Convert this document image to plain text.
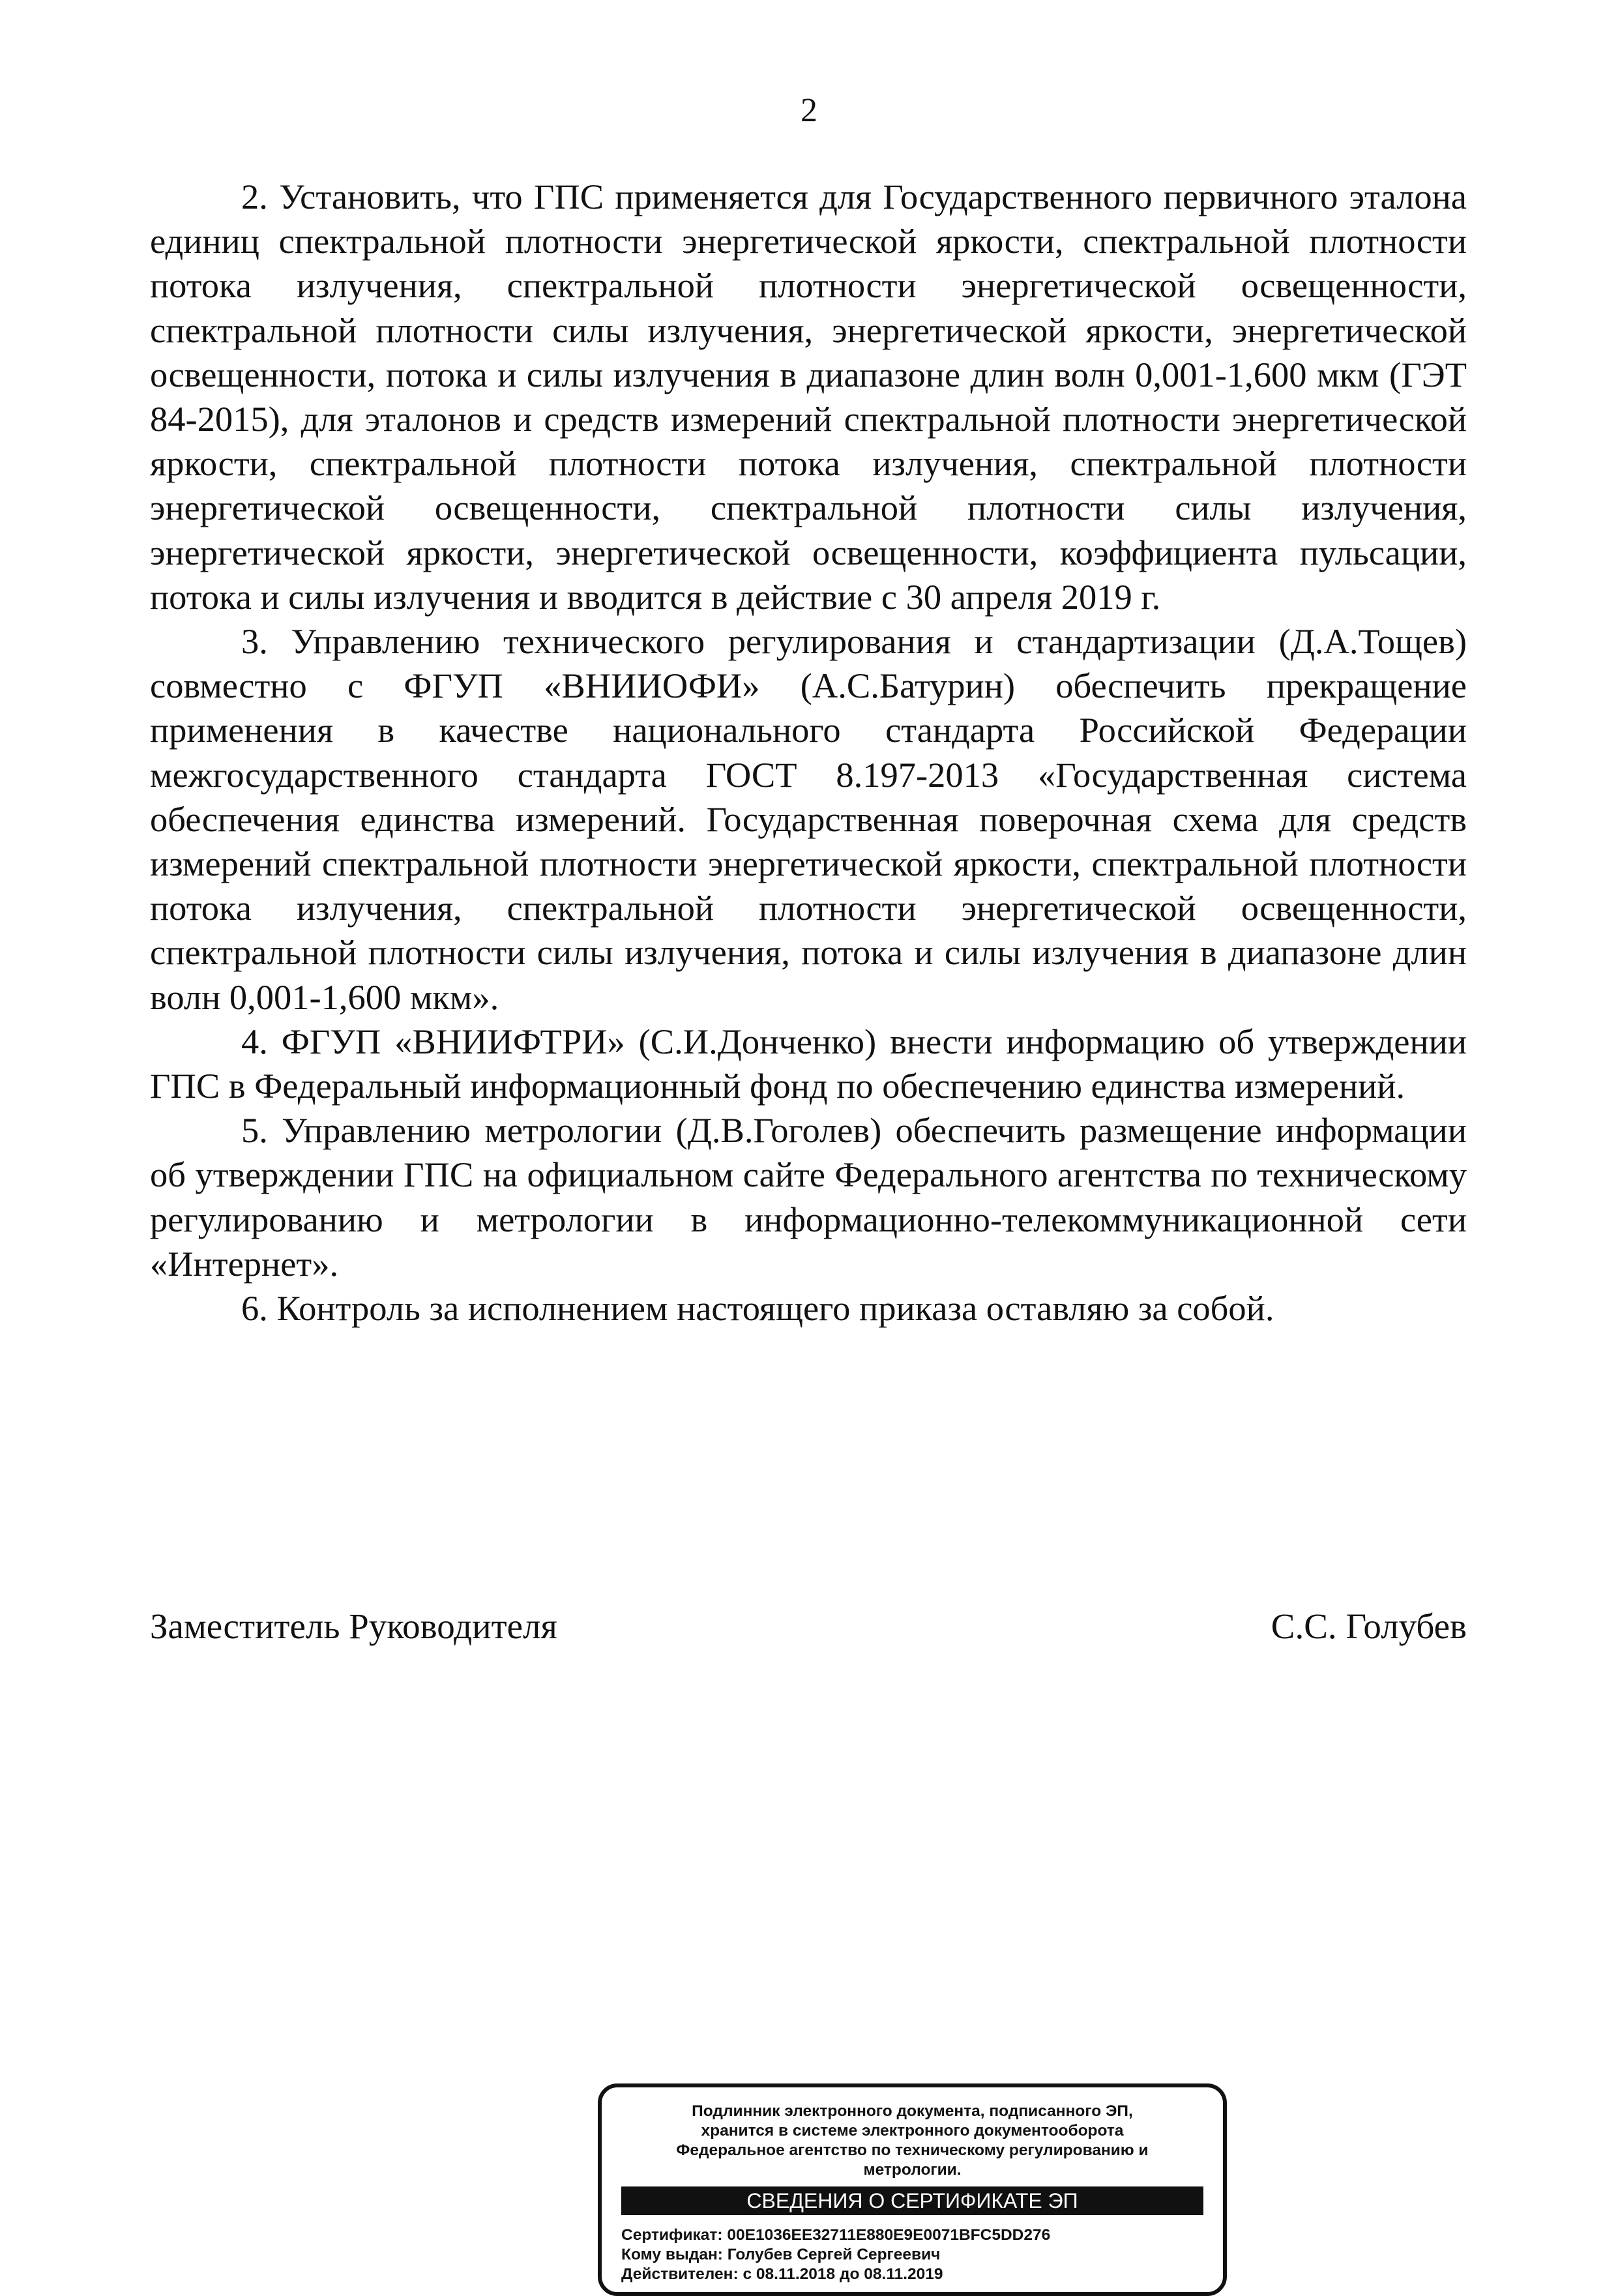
2

2. Установить, что ГПС применяется для Государственного первичного эталона единиц спектральной плотности энергетической яркости, спектральной плотности потока излучения, спектральной плотности энергетической освещенности, спектральной плотности силы излучения, энергетической яркости, энергетической освещенности, потока и силы излучения в диапазоне длин волн 0,001-1,600 мкм (ГЭТ 84-2015), для эталонов и средств измерений спектральной плотности энергетической яркости, спектральной плотности потока излучения, спектральной плотности энергетической освещенности, спектральной плотности силы излучения, энергетической яркости, энергетической освещенности, коэффициента пульсации, потока и силы излучения и вводится в действие с 30 апреля 2019 г.

3. Управлению технического регулирования и стандартизации (Д.А.Тощев) совместно с ФГУП «ВНИИОФИ» (А.С.Батурин) обеспечить прекращение применения в качестве национального стандарта Российской Федерации межгосударственного стандарта ГОСТ 8.197-2013 «Государственная система обеспечения единства измерений. Государственная поверочная схема для средств измерений спектральной плотности энергетической яркости, спектральной плотности потока излучения, спектральной плотности энергетической освещенности, спектральной плотности силы излучения, потока и силы излучения в диапазоне длин волн 0,001-1,600 мкм».

4. ФГУП «ВНИИФТРИ» (С.И.Донченко) внести информацию об утверждении ГПС в Федеральный информационный фонд по обеспечению единства измерений.

5. Управлению метрологии (Д.В.Гоголев) обеспечить размещение информации об утверждении ГПС на официальном сайте Федерального агентства по техническому регулированию и метрологии в информационно-телекоммуникационной сети «Интернет».

6. Контроль за исполнением настоящего приказа оставляю за собой.

Заместитель Руководителя	С.С. Голубев
Подлинник электронного документа, подписанного ЭП,
хранится в системе электронного документооборота
Федеральное агентство по техническому регулированию и
метрологии.
СВЕДЕНИЯ О СЕРТИФИКАТЕ ЭП
Сертификат: 00E1036EE32711E880E9E0071BFC5DD276
Кому выдан: Голубев Сергей Сергеевич
Действителен: с 08.11.2018 до 08.11.2019
